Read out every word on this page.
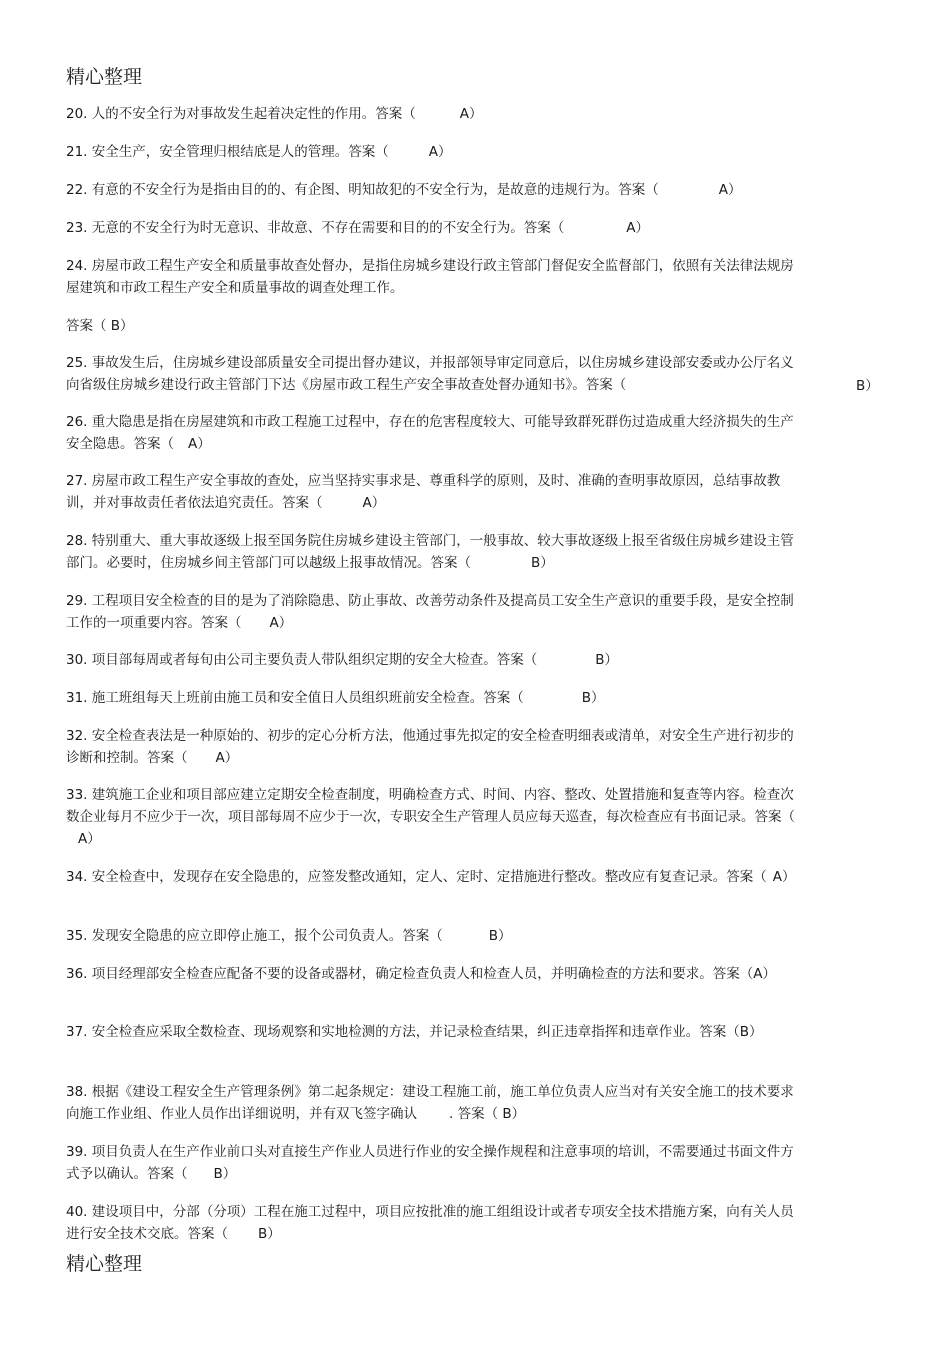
精心整理
20. 人的不安全行为对事故发生起着决定性的作用。答案（	A）
21. 安全生产，安全管理归根结底是人的管理。答案（	A）
22. 有意的不安全行为是指由目的的、有企图、明知故犯的不安全行为，是故意的违规行为。答案（	A）
23. 无意的不安全行为时无意识、非故意、不存在需要和目的的不安全行为。答案（	A）
24. 房屋市政工程生产安全和质量事故查处督办，是指住房城乡建设行政主管部门督促安全监督部门，依照有关法律法规房屋建筑和市政工程生产安全和质量事故的调查处理工作。
答案（ B）
25. 事故发生后，住房城乡建设部质量安全司提出督办建议，并报部领导审定同意后，以住房城乡建设部安委或办公厅名义向省级住房城乡建设行政主管部门下达《房屋市政工程生产安全事故查处督办通知书》。答案（	B）
26. 重大隐患是指在房屋建筑和市政工程施工过程中，存在的危害程度较大、可能导致群死群伤过造成重大经济损失的生产安全隐患。答案（ A）
27. 房屋市政工程生产安全事故的查处，应当坚持实事求是、尊重科学的原则，及时、准确的查明事故原因，总结事故教训，并对事故责任者依法追究责任。答案（	A）
28. 特别重大、重大事故逐级上报至国务院住房城乡建设主管部门，一般事故、较大事故逐级上报至省级住房城乡建设主管部门。必要时，住房城乡间主管部门可以越级上报事故情况。答案（	B）
29. 工程项目安全检查的目的是为了消除隐患、防止事故、改善劳动条件及提高员工安全生产意识的重要手段，是安全控制工作的一项重要内容。答案（ A）
30. 项目部每周或者每旬由公司主要负责人带队组织定期的安全大检查。答案（	B）
31. 施工班组每天上班前由施工员和安全值日人员组织班前安全检查。答案（	B）
32. 安全检查表法是一种原始的、初步的定心分析方法，他通过事先拟定的安全检查明细表或清单，对安全生产进行初步的诊断和控制。答案（ A）
33. 建筑施工企业和项目部应建立定期安全检查制度，明确检查方式、时间、内容、整改、处置措施和复查等内容。检查次数企业每月不应少于一次，项目部每周不应少于一次，专职安全生产管理人员应每天巡查，每次检查应有书面记录。答案（A）
34. 安全检查中，发现存在安全隐患的，应签发整改通知，定人、定时、定措施进行整改。整改应有复查记录。答案（ A）
35. 发现安全隐患的应立即停止施工，报个公司负责人。答案（	B）
36. 项目经理部安全检查应配备不要的设备或器材，确定检查负责人和检查人员，并明确检查的方法和要求。答案（A）
37. 安全检查应采取全数检查、现场观察和实地检测的方法，并记录检查结果，纠正违章指挥和违章作业。答案（B）
38. 根据《建设工程安全生产管理条例》第二起条规定：建设工程施工前，施工单位负责人应当对有关安全施工的技术要求向施工作业组、作业人员作出详细说明，并有双飞签字确认 . 答案（ B）
39. 项目负责人在生产作业前口头对直接生产作业人员进行作业的安全操作规程和注意事项的培训，不需要通过书面文件方式予以确认。答案（ B）
40. 建设项目中，分部（分项）工程在施工过程中，项目应按批准的施工组组设计或者专项安全技术措施方案，向有关人员进行安全技术交底。答案（ B）
精心整理
